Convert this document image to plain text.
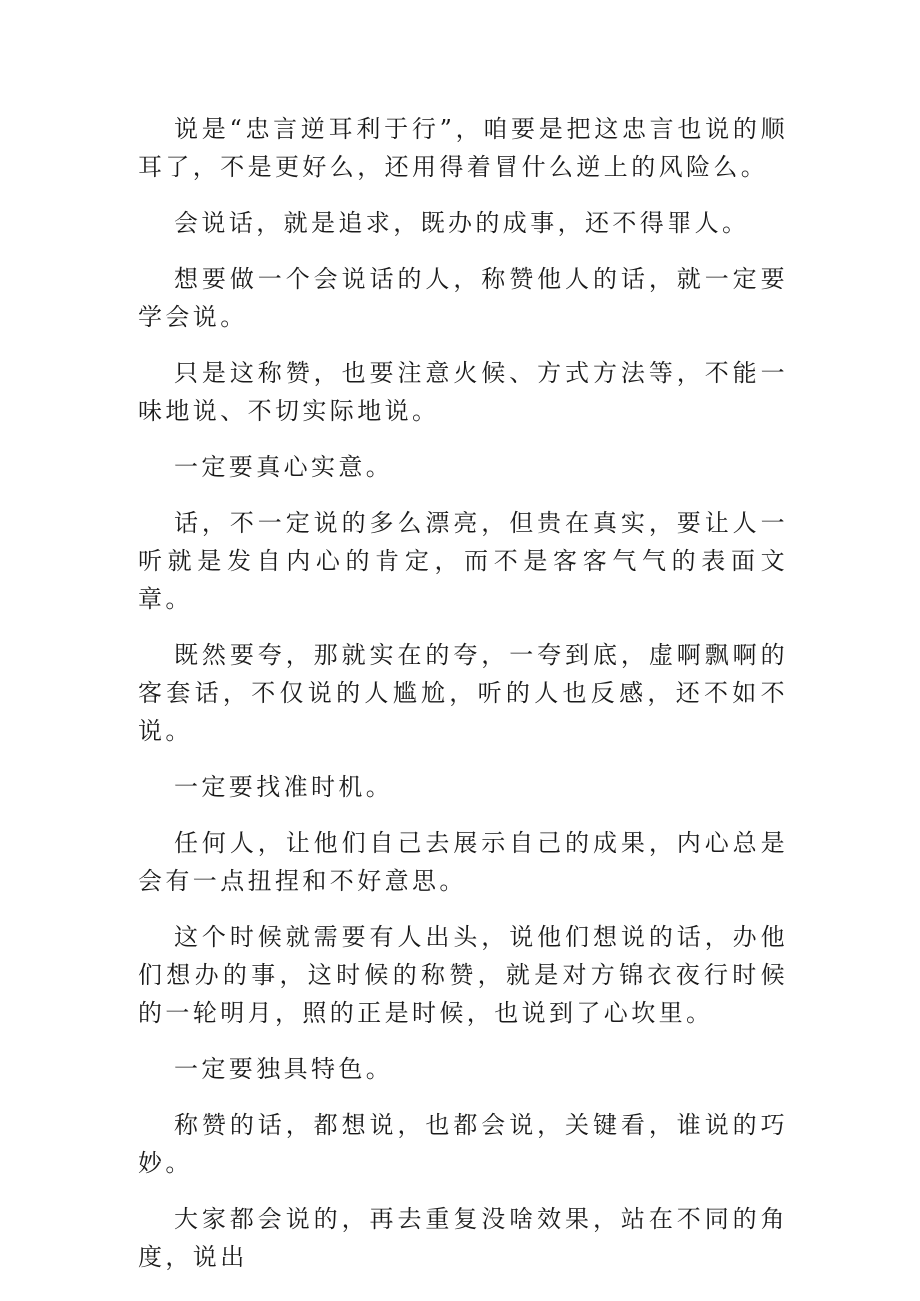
说是“忠言逆耳利于行”，咱要是把这忠言也说的顺耳了，不是更好么，还用得着冒什么逆上的风险么。

会说话，就是追求，既办的成事，还不得罪人。

想要做一个会说话的人，称赞他人的话，就一定要学会说。

只是这称赞，也要注意火候、方式方法等，不能一味地说、不切实际地说。

一定要真心实意。

话，不一定说的多么漂亮，但贵在真实，要让人一听就是发自内心的肯定，而不是客客气气的表面文章。

既然要夸，那就实在的夸，一夸到底，虚啊飘啊的客套话，不仅说的人尴尬，听的人也反感，还不如不说。

一定要找准时机。

任何人，让他们自己去展示自己的成果，内心总是会有一点扭捏和不好意思。

这个时候就需要有人出头，说他们想说的话，办他们想办的事，这时候的称赞，就是对方锦衣夜行时候的一轮明月，照的正是时候，也说到了心坎里。

一定要独具特色。

称赞的话，都想说，也都会说，关键看，谁说的巧妙。

大家都会说的，再去重复没啥效果，站在不同的角度，说出
